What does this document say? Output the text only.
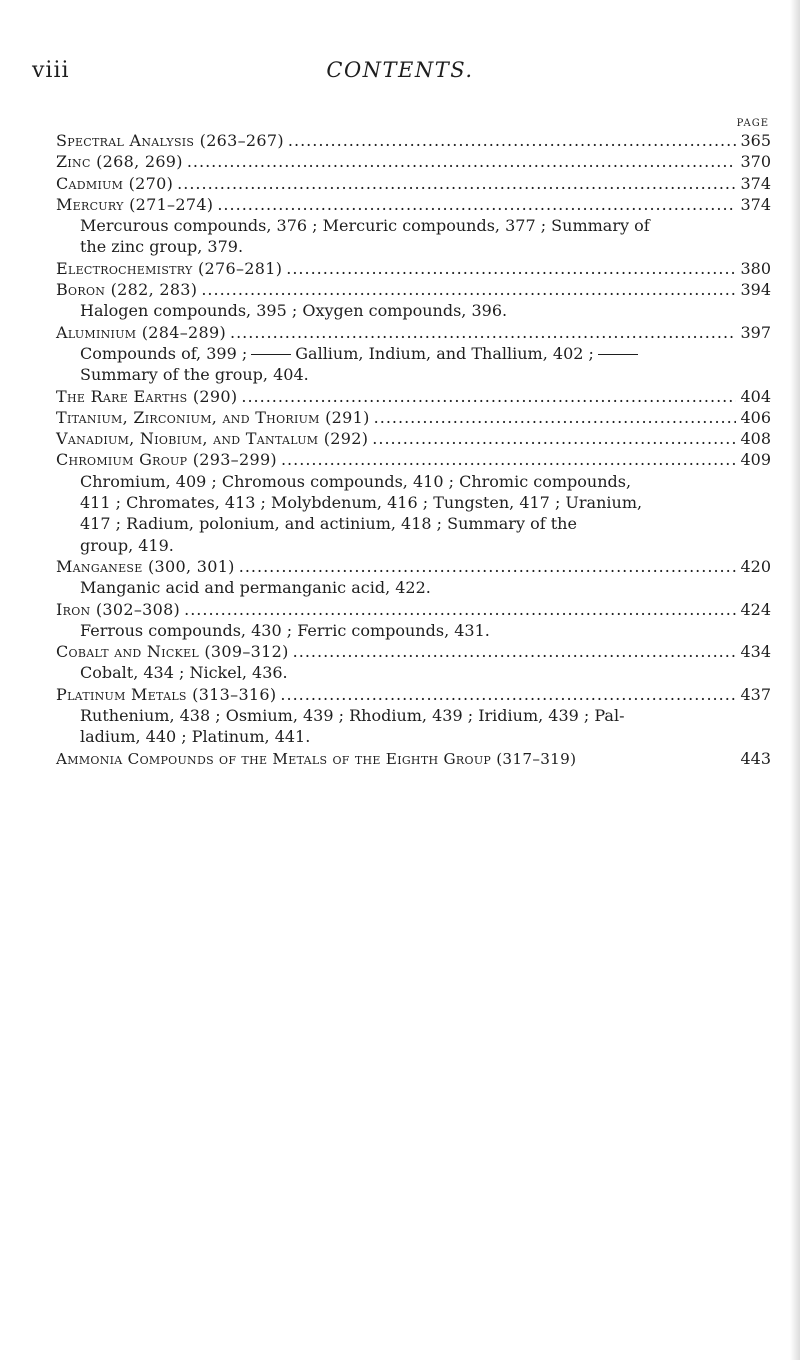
viii	CONTENTS.
PAGE
Spectral Analysis (263–267) .....	365
Zinc (268, 269) .....	370
Cadmium (270) .....	374
Mercury (271–274) .....	374
Mercurous compounds, 376 ; Mercuric compounds, 377 ; Summary of
the zinc group, 379.
Electrochemistry (276–281) .....	380
Boron (282, 283) .....	394
Halogen compounds, 395 ; Oxygen compounds, 396.
Aluminium (284–289) .....	397
Compounds of, 399 ;	Gallium, Indium, and Thallium, 402 ;
Summary of the group, 404.
The Rare Earths (290) .....	404
Titanium, Zirconium, and Thorium (291) .....	406
Vanadium, Niobium, and Tantalum (292) .....	408
Chromium Group (293–299) .....	409
Chromium, 409 ; Chromous compounds, 410 ; Chromic compounds,
411 ; Chromates, 413 ; Molybdenum, 416 ; Tungsten, 417 ; Uranium,
417 ; Radium, polonium, and actinium, 418 ; Summary of the
group, 419.
Manganese (300, 301) .....	420
Manganic acid and permanganic acid, 422.
Iron (302–308) .....	424
Ferrous compounds, 430 ; Ferric compounds, 431.
Cobalt and Nickel (309–312) .....	434
Cobalt, 434 ; Nickel, 436.
Platinum Metals (313–316) .....	437
Ruthenium, 438 ; Osmium, 439 ; Rhodium, 439 ; Iridium, 439 ; Pal-
ladium, 440 ; Platinum, 441.
Ammonia Compounds of the Metals of the Eighth Group (317–319)	443
